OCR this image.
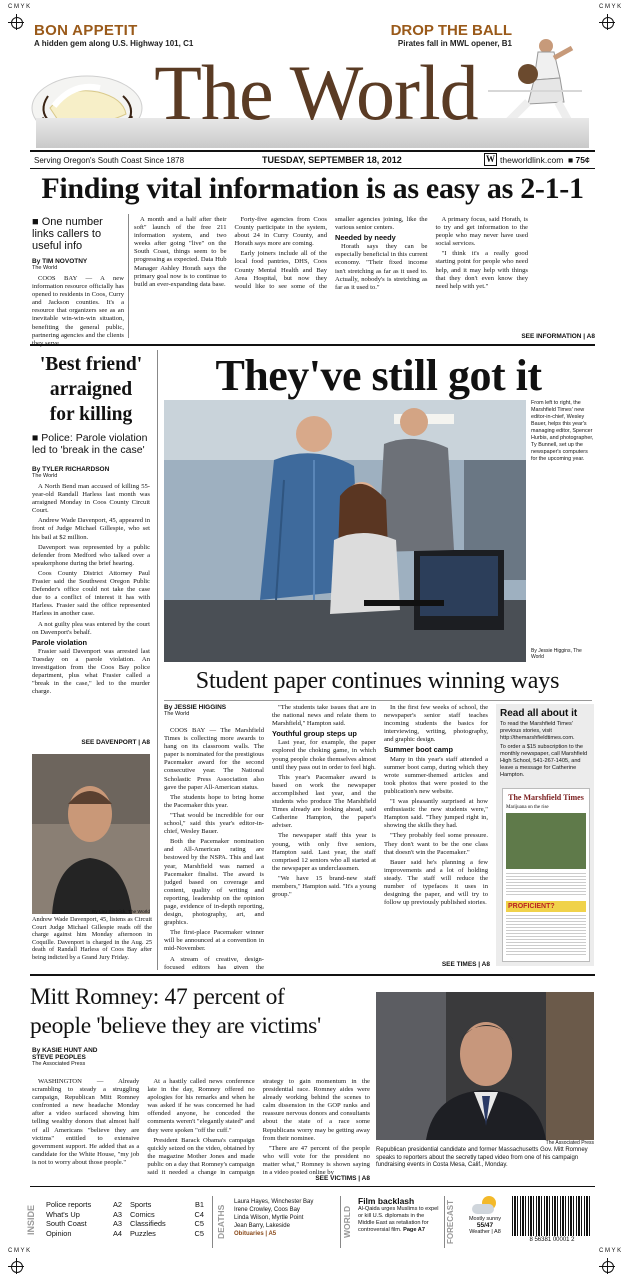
C M Y K	C M Y K
C M Y K	C M Y K
BON APPETIT
A hidden gem along U.S. Highway 101, C1
DROP THE BALL
Pirates fall in MWL opener, B1
The World
Serving Oregon's South Coast Since 1878	TUESDAY, SEPTEMBER 18, 2012	W theworldlink.com ■ 75¢
Finding vital information is as easy as 2-1-1
■ One number links callers to useful info
By TIM NOVOTNY
The World

COOS BAY — A new information resource officially has opened to residents in Coos, Curry and Jackson counties. It's a resource that organizers see as an inevitable win-win-win situation, benefiting the general public, partnering agencies and the clients

A month and a half after their soft" launch of the free 211 information system, and two weeks after going "live" on the South Coast, things seem to be progressing as expected. Data Hub Manager Ashley Horath says the primary goal now is to continue to build an ever-expanding data base.

Forty-five agencies from Coos County participate in the system, about 24 in Curry County, and Horath says more are coming.

Early joiners include all of the local food pantries, DHS, Coos County Mental Health and Bay Area Hospital, but now they would like to see some of the smaller agencies joining, like the various senior centers.

Needed by needy

Horath says they can be especially beneficial in this current economy. "Their fixed income isn't stretching as far as it used to. Actually, nobody's is stretching as far as it used to."

A primary focus, said Horath, is to try and get information to the people who may never have used social services.

"I think it's a really good starting point for people who need help, and it may help with things that they don't even know they need help with yet."

SEE INFORMATION | A8
'Best friend'
arraigned
for killing
■ Police: Parole violation led to 'break in the case'
By TYLER RICHARDSON
The World

A North Bend man accused of killing 55-year-old Randall Harless last month was arraigned Monday in Coos County Circuit Court.

Andrew Wade Davenport, 45, appeared in front of Judge Michael Gillespie, who set his bail at $2 million.

Davenport was represented by a public defender from Medford who talked over a speakerphone during the brief hearing.

Coos County District Attorney Paul Frasier said the Southwest Oregon Public Defender's office could not take the case due to a conflict of interest it has with Harless. Frasier said the office represented Harless in another case.

A not guilty plea was entered by the court on Davenport's behalf.

Parole violation

Frasier said Davenport was arrested last Tuesday on a parole violation. An investigation from the Coos Bay police department, plus what Frasier called a "break in the case," led to the murder charge.

SEE DAVENPORT | A8
By Lou Sennick, The World
Andrew Wade Davenport, 45, listens as Circuit Court Judge Michael Gillespie reads off the charge against him Monday afternoon in Coquille. Davenport is charged in the Aug. 25 death of Randall Harless of Coos Bay after being indicted by a Grand Jury Friday.
They've still got it
From left to right, the Marshfield Times' new editor-in-chief, Wesley Bauer, helps this year's managing editor, Spencer Hurbis, and photographer, Ty Bunnell, set up the newspaper's computers for the upcoming year.
By Jessie Higgins, The World
Student paper continues winning ways
By JESSIE HIGGINS
The World

COOS BAY — The Marshfield Times is collecting more awards to hang on its classroom walls. The paper is nominated for the prestigious Pacemaker award for the second consecutive year. The National Scholastic Press Association also gave the paper All-American status.

The students hope to bring home the Pacemaker this year.

"That would be incredible for our school," said this year's editor-in-chief, Wesley Bauer.

Both the Pacemaker nomination and All-American rating are bestowed by the NSPA. This and last year, Marshfield was named a Pacemaker finalist. The award is judged based on coverage and content, quality of writing and reporting, leadership on the opinion page, evidence of in-depth reporting, design, photography, art, and graphics.

The first-place Pacemaker winner will be announced at a convention in mid-November.

A stream of creative, design-focused editors has given the

"The students take issues that are in the national news and relate them to Marshfield," Hampton said.

Youthful group steps up

Last year, for example, the paper explored the choking game, in which young people choke themselves almost until they pass out in order to feel high.

This year's Pacemaker award is based on work the newspaper accomplished last year, and the students who produce The Marshfield Times already are looking ahead, said Catherine Hampton, the paper's adviser.

The newspaper staff this year is young, with only five seniors, Hampton said. Last year, the staff comprised 12 seniors who all started at the newspaper as underclassmen.

"We have 15 brand-new staff members," Hampton said. "It's a young group."

In the first few weeks of school, the newspaper's senior staff teaches incoming students the basics for interviewing, writing, photography, and graphic design.

Summer boot camp

Many in this year's staff attended a summer boot camp, during which they wrote summer-themed articles and took photos that were posted to the publication's new website.

"I was pleasantly surprised at how enthusiastic the new students were," Hampton said. "They jumped right in, showing the skills they had.

"They probably feel some pressure. They don't want to be the one class that doesn't win the Pacemaker."

Bauer said he's planning a few improvements and a lot of holding steady. The staff will reduce the number of typefaces it uses in designing the paper, and will try to follow up previously published stories.

SEE TIMES | A8
Read all about it
To read the Marshfield Times' previous stories, visit http://themarshfieldtimes.com.
To order a $15 subscription to the monthly newspaper, call Marshfield High School, 541-267-1405, and leave a message for Catherine Hampton.
The Marshfield Times
Marijuana on the rise
PROFICIENT?
Mitt Romney: 47 percent of
people 'believe they are victims'
By KASIE HUNT AND
STEVE PEOPLES
The Associated Press

WASHINGTON — Already scrambling to steady a struggling campaign, Republican Mitt Romney confronted a new headache Monday after a video surfaced showing him telling wealthy donors that almost half of all Americans "believe they are victims" entitled to extensive government support. He added that as a candidate for the White House, "my job is not to worry about those people."

At a hastily called news conference late in the day, Romney offered no apologies for his remarks and when he was asked if he was concerned he had offended anyone, he conceded the comments weren't "elegantly stated" and they were spoken "off the cuff."

President Barack Obama's campaign quickly seized on the video, obtained by the magazine Mother Jones and made public on a day that Romney's campaign said it needed a change in campaign strategy to gain momentum in the presidential race. Romney aides were already working behind the scenes to calm dissension in the GOP ranks and reassure nervous donors and consultants about the state of a race some Republicans worry may be getting away from their nominee.

"There are 47 percent of the people who will vote for the president no matter what," Romney is shown saying in a video posted online by

SEE VICTIMS | A8
The Associated Press
Republican presidential candidate and former Massachusetts Gov. Mitt Romney speaks to reporters about the secretly taped video from one of his campaign fundraising events in Costa Mesa, Calif., Monday.
INSIDE
Police reports	A2
What's Up	A3
South Coast	A3
Opinion	A4
Sports	B1
Comics	C4
Classifieds	C5
Puzzles	C5 DEATHS
Laura Hayes, Winchester Bay
Irene Crowley, Coos Bay
Linda Wilson, Myrtle Point
Jean Barry, Lakeside
Obituaries | A5	WORLD
Film backlash
Al-Qaida urges Muslims to expel or kill U.S. diplomats in the Middle East as retaliation for controversial film. Page A7	FORECAST	Mostly sunny
55/47
Weather | A8
8 56381 00001 2
